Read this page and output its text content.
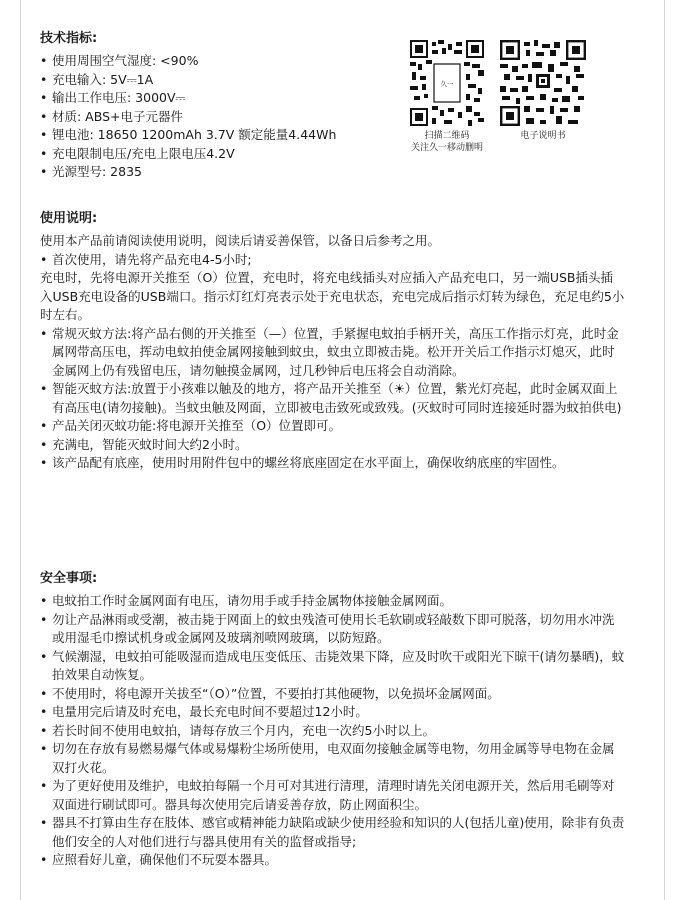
技术指标:
• 使用周围空气湿度: <90%
• 充电输入: 5V⎓1A
• 输出工作电压: 3000V⎓
• 材质: ABS+电子元器件
• 锂电池: 18650 1200mAh 3.7V 额定能量4.44Wh
• 充电限制电压/充电上限电压4.2V
• 光源型号: 2835
久一
扫描二维码
关注久一移动删明
电子说明书
使用说明:
使用本产品前请阅读使用说明，阅读后请妥善保管，以备日后参考之用。
• 首次使用，请先将产品充电4-5小时;
充电时，先将电源开关推至（O）位置，充电时，将充电线插头对应插入产品充电口，另一端USB插头插入USB充电设备的USB端口。指示灯红灯亮表示处于充电状态，充电完成后指示灯转为绿色，充足电约5小时左右。
• 常规灭蚊方法:将产品右侧的开关推至（—）位置，手紧握电蚊拍手柄开关，高压工作指示灯亮，此时金属网带高压电，挥动电蚊拍使金属网接触到蚊虫，蚊虫立即被击毙。松开开关后工作指示灯熄灭，此时金属网上仍有残留电压，请勿触摸金属网，过几秒钟后电压将会自动消除。
• 智能灭蚊方法:放置于小孩难以触及的地方，将产品开关推至（☀）位置，紫光灯亮起，此时金属双面上有高压电(请勿接触)。当蚊虫触及网面，立即被电击致死或致残。(灭蚊时可同时连接延时器为蚊拍供电)
• 产品关闭灭蚊功能:将电源开关推至（O）位置即可。
• 充满电，智能灭蚊时间大约2小时。
• 该产品配有底座，使用时用附件包中的螺丝将底座固定在水平面上，确保收纳底座的牢固性。
安全事项:
• 电蚊拍工作时金属网面有电压，请勿用手或手持金属物体接触金属网面。
• 勿让产品淋雨或受潮，被击毙于网面上的蚊虫残渣可使用长毛软刷或轻敲数下即可脱落，切勿用水冲洗或用湿毛巾擦试机身或金属网及玻璃剂喷网玻璃，以防短路。
• 气候潮湿，电蚊拍可能吸湿而造成电压变低压、击毙效果下降，应及时吹干或阳光下晾干(请勿暴晒)，蚊拍效果自动恢复。
• 不使用时，将电源开关拔至“（O）”位置，不要拍打其他硬物，以免损坏金属网面。
• 电量用完后请及时充电，最长充电时间不要超过12小时。
• 若长时间不使用电蚊拍，请每存放三个月内，充电一次约5小时以上。
• 切勿在存放有易燃易爆气体或易爆粉尘场所使用，电双面勿接触金属等电物，勿用金属等导电物在金属双打火花。
• 为了更好使用及维护，电蚊拍每隔一个月可对其进行清理，清理时请先关闭电源开关，然后用毛刷等对双面进行刷试即可。器具每次使用完后请妥善存放，防止网面积尘。
• 器具不打算由生存在肢体、感官或精神能力缺陷或缺少使用经验和知识的人(包括儿童)使用，除非有负责他们安全的人对他们进行与器具使用有关的监督或指导;
• 应照看好儿童，确保他们不玩耍本器具。
